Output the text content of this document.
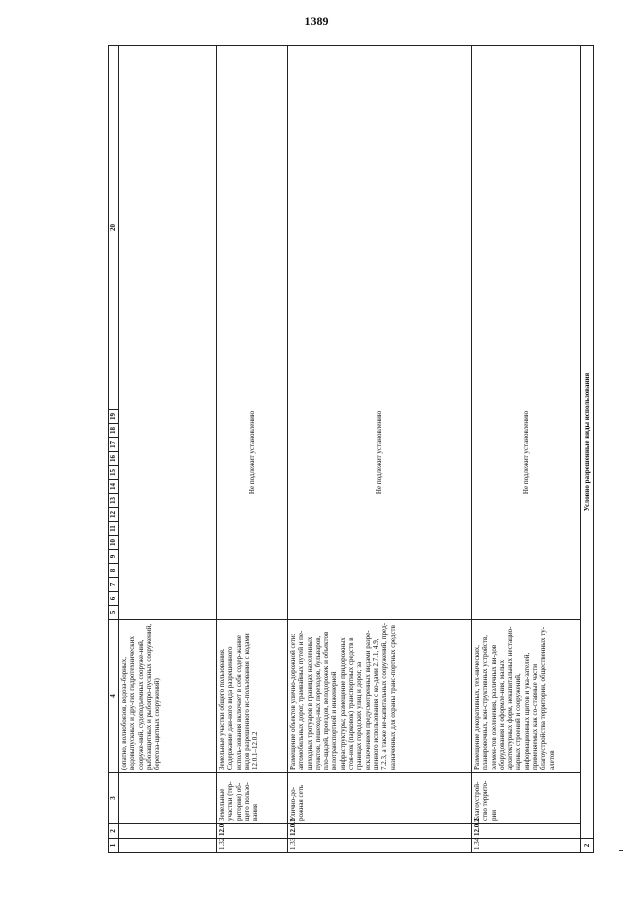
1389
1	2	3	4	5	6	7	8	9	10	11	12	13	14	15	16	17	18	19	20
			(опатно, волнобоязов, водоза-борных, водовыпускных и дру-гих гидротехнических сооруже-ний, судоподъемных сооруже-ний, рыбозащитных и рыбопро-пускных сооружений, берегоза-щитных сооружений)																
1.32	12.0	Земельные участки (тер-ритории) об-щего пользо-вания	Земельные участки общего пользования. Содержание дан-ного вида разрешенного исполь-зования включает в себя содер-жание видов разрешенного ис-пользования с кодами 12.0.1–12.0.2	Не подлежит установлению															
1.33	12.0.1	Улично-до-рожная сеть	Размещение объектов улично-дорожной сети: автомобильных дорог, трамвайных путей и пе-шеходных тротуаров в границах населенных пунктов, пешеход-ных переходов, бульваров, пло-щадей, проездов, велодорожек и объектов велотранспортной и инженерной инфраструктуры; размещение придорожных стоя-нок (парковок) транспортных средств в границах городских улиц и дорог, за исключением предусмотренных видами разре-шенного использования с ко-дами 2.7.1, 4.9, 7.2.3, а также не-капитальных сооружений, пред-назначенных для охраны транс-портных средств	Не подлежит установлению															
1.34	12.0.2	Благоустрой-ство террито-рии	Размещение декоративных, тех-нических, планировочных, кон-структивных устройств, элемен-тов озеленения, различных ви-дов оборудования и оформле-ния, малых архитектурных форм, некапитальных нестацио-нарных строений и сооружений, информационных щитов и ука-зателей, применяемых как со-ставные части благоустройства территории, общественных ту-алетов	Не подлежит установлению															
2	Условно разрешенные виды использования																		
